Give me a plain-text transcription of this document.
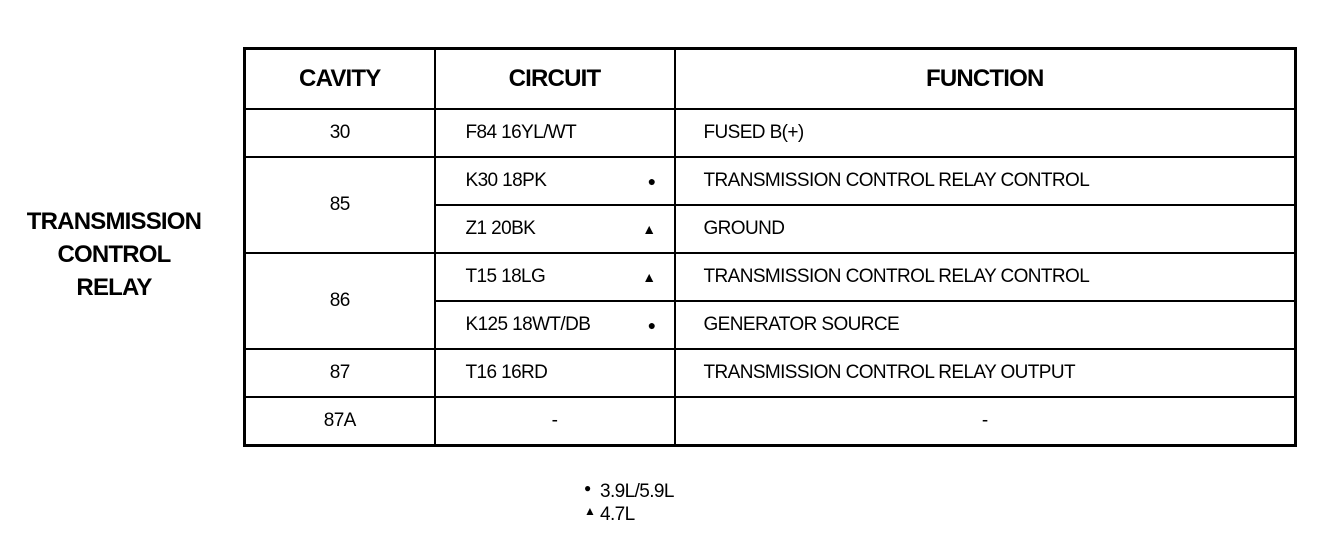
TRANSMISSION
CONTROL
RELAY
CAVITY	CIRCUIT	FUNCTION
30	F84 16YL/WT	FUSED B(+)
85	K30 18PK ●	TRANSMISSION CONTROL RELAY CONTROL
	Z1 20BK ▲	GROUND
86	T15 18LG ▲	TRANSMISSION CONTROL RELAY CONTROL
	K125 18WT/DB ●	GENERATOR SOURCE
87	T16 16RD	TRANSMISSION CONTROL RELAY OUTPUT
87A	-	-
● 3.9L/5.9L
▲ 4.7L
